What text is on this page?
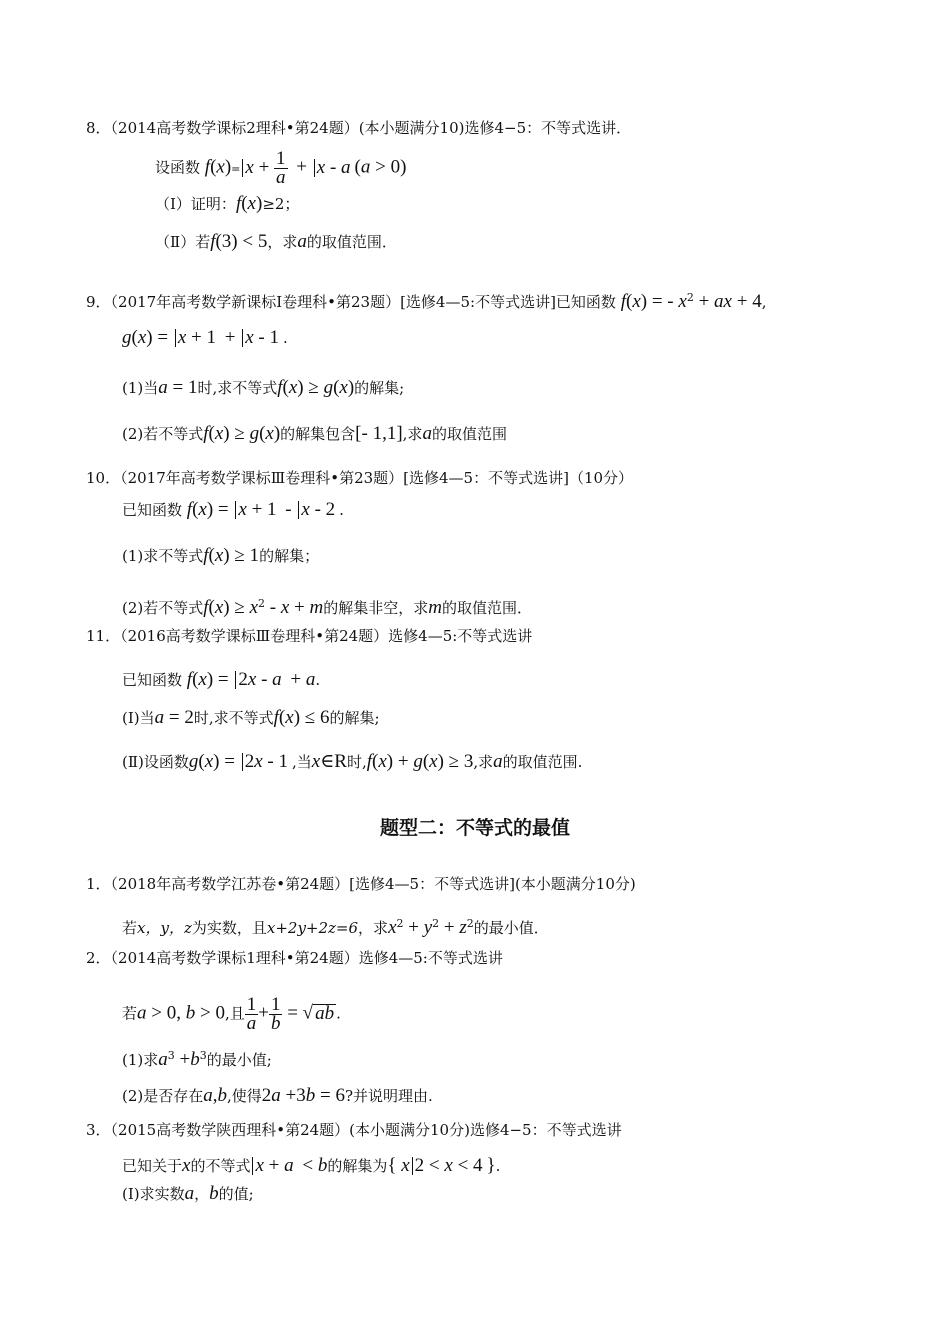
8．（2014高考数学课标2理科•第24题）(本小题满分10)选修4−5：不等式选讲．
设函数 $f(x)= x + \frac{1}{a} + x - a$ (a > 0)
（Ⅰ）证明：f(x)≥2；
（Ⅱ）若f(3) < 5，求a的取值范围．
9．（2017年高考数学新课标Ⅰ卷理科•第23题）[选修4—5:不等式选讲]已知函数 f(x) = - $x^2$ + ax + 4,
g(x) = x + 1 + x - 1 .
(1)当a = 1时,求不等式f(x) ≥ g(x)的解集;
(2)若不等式f(x) ≥ g(x)的解集包含[- 1,1],求a的取值范围
10．（2017年高考数学课标Ⅲ卷理科•第23题）[选修4—5：不等式选讲]（10分）
已知函数 f(x) = x + 1 - x - 2 .
(1)求不等式f(x) ≥ 1的解集；
(2)若不等式$f(x) \ge x^2 - x + m$的解集非空，求m的取值范围．
11．（2016高考数学课标Ⅲ卷理科•第24题）选修4—5:不等式选讲
已知函数 f(x) = 2x - a + a.
(Ⅰ)当a = 2时,求不等式f(x) ≤ 6的解集;
(Ⅱ)设函数g(x) = 2x - 1 ,当x∈R时,f(x) + g(x) ≥ 3,求a的取值范围.
题型二：不等式的最值
1．（2018年高考数学江苏卷•第24题）[选修4—5：不等式选讲](本小题满分10分)
若x，y，z为实数，且x+2y+2z=6，求$x^2 + y^2 + z^2$的最小值．
2．（2014高考数学课标1理科•第24题）选修4—5:不等式选讲
若a > 0, b > 0,且 $\frac{1}{a} + \frac{1}{b}$ = √ ab .
(1)求$a^3 +b^3$的最小值;
(2)是否存在a,b,使得2a +3b = 6?并说明理由.
3．（2015高考数学陕西理科•第24题）(本小题满分10分)选修4−5：不等式选讲
已知关于x的不等式 x + a < b的解集为{ x 2 < x < 4 }.
(Ⅰ)求实数a，b的值;
